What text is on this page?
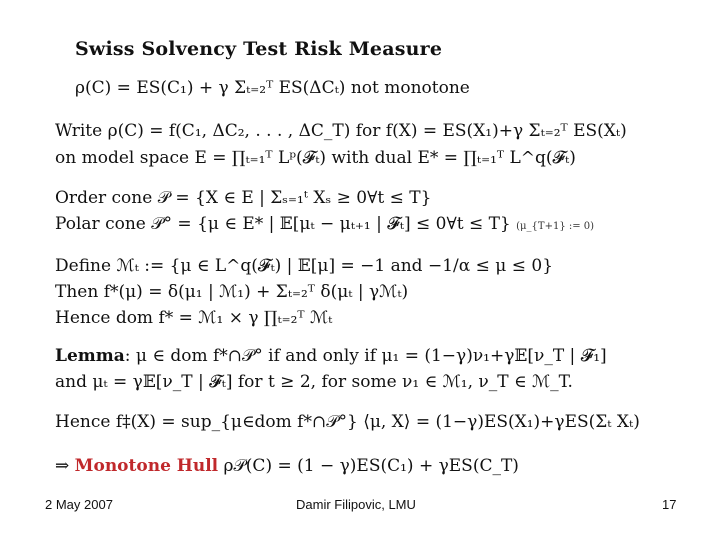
Swiss Solvency Test Risk Measure
ρ(C) = ES(C₁) + γ Σₜ₌₂ᵀ ES(ΔCₜ) not monotone
Write ρ(C) = f(C₁, ΔC₂, . . . , ΔC_T) for f(X) = ES(X₁)+γ Σₜ₌₂ᵀ ES(Xₜ)
on model space E = ∏ₜ₌₁ᵀ Lᵖ(𝓕ₜ) with dual E* = ∏ₜ₌₁ᵀ L^q(𝓕ₜ)
Order cone 𝒫 = {X ∈ E | Σₛ₌₁ᵗ Xₛ ≥ 0∀t ≤ T}
Polar cone 𝒫° = {μ ∈ E* | 𝔼[μₜ − μₜ₊₁ | 𝓕ₜ] ≤ 0∀t ≤ T} (μ_{T+1} := 0)
Define ℳₜ := {μ ∈ L^q(𝓕ₜ) | 𝔼[μ] = −1 and −1/α ≤ μ ≤ 0}
Then f*(μ) = δ(μ₁ | ℳ₁) + Σₜ₌₂ᵀ δ(μₜ | γℳₜ)
Hence dom f* = ℳ₁ × γ ∏ₜ₌₂ᵀ ℳₜ
Lemma: μ ∈ dom f*∩𝒫° if and only if μ₁ = (1−γ)ν₁+γ𝔼[ν_T | 𝓕₁]
and μₜ = γ𝔼[ν_T | 𝓕ₜ] for t ≥ 2, for some ν₁ ∈ ℳ₁, ν_T ∈ ℳ_T.
Hence f‡(X) = sup_{μ∈dom f*∩𝒫°} ⟨μ, X⟩ = (1−γ)ES(X₁)+γES(Σₜ Xₜ)
⇒ Monotone Hull ρ𝒫(C) = (1 − γ)ES(C₁) + γES(C_T)
2 May 2007	Damir Filipovic, LMU	17
